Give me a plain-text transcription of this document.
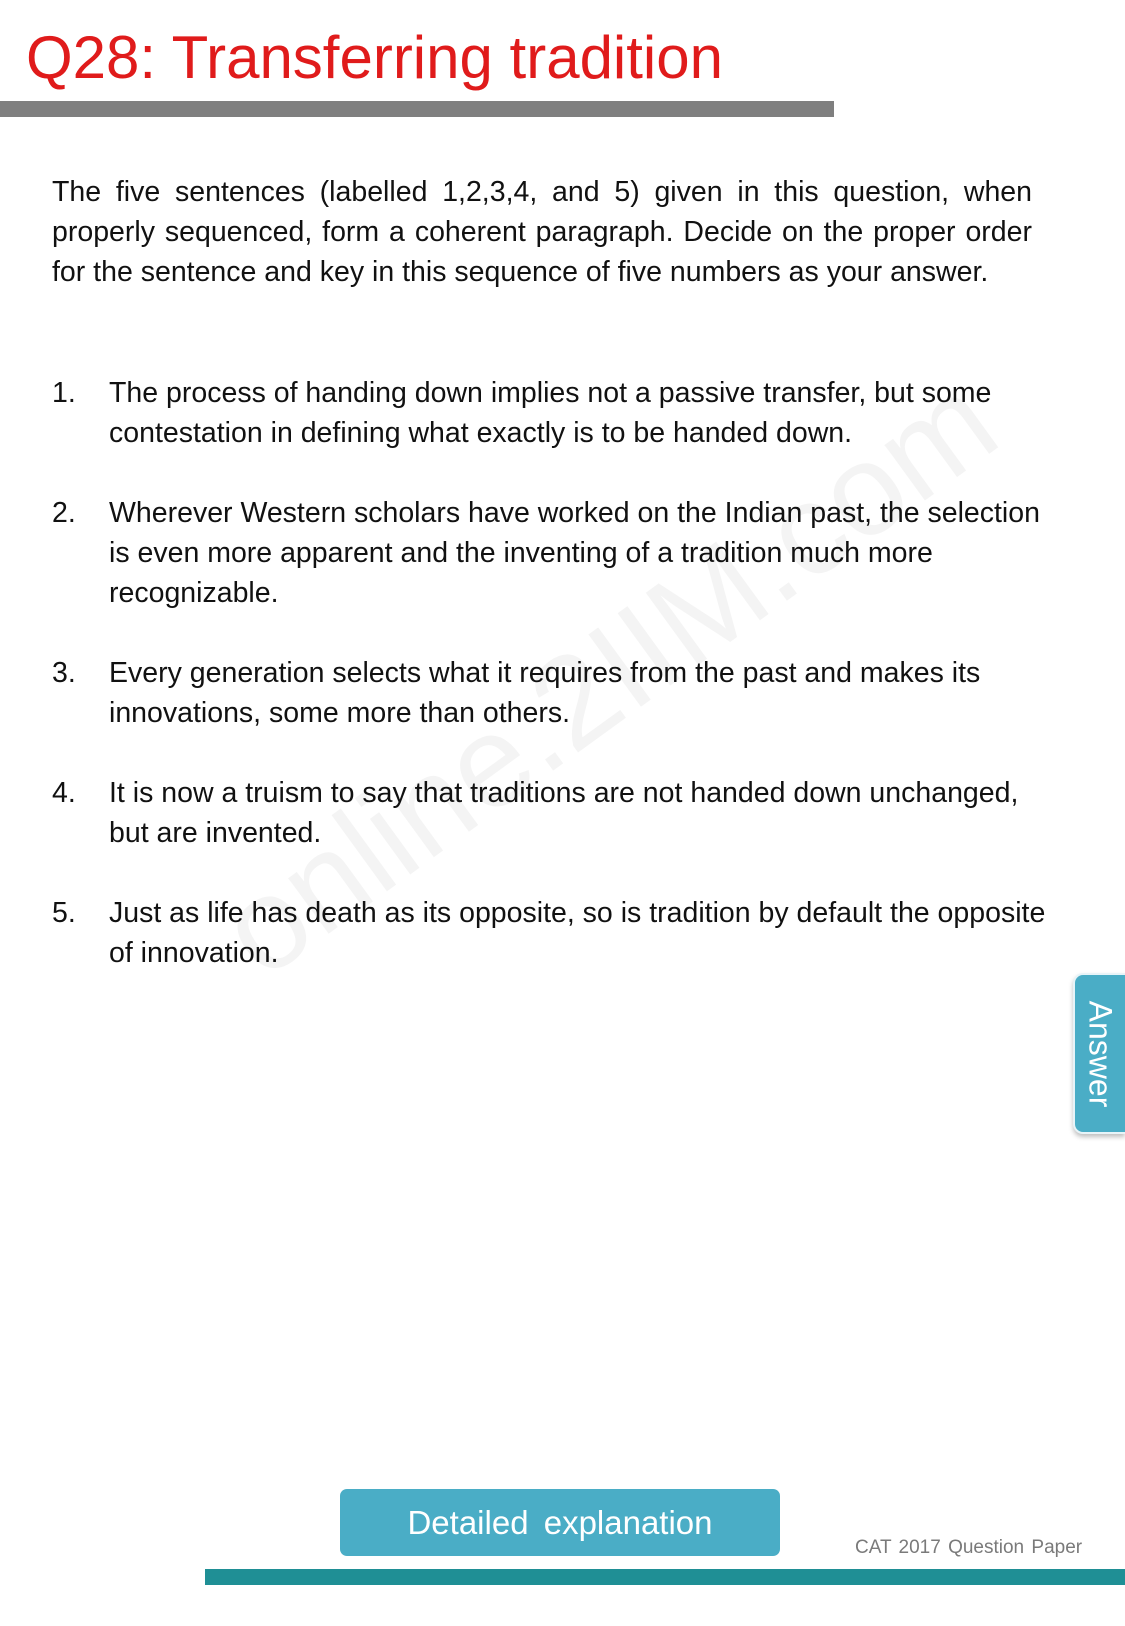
Q28: Transferring tradition

The five sentences (labelled 1,2,3,4, and 5) given in this question, when properly sequenced, form a coherent paragraph. Decide on the proper order for the sentence and key in this sequence of five numbers as your answer.

1. The process of handing down implies not a passive transfer, but some contestation in defining what exactly is to be handed down.
2. Wherever Western scholars have worked on the Indian past, the selection is even more apparent and the inventing of a tradition much more recognizable.
3. Every generation selects what it requires from the past and makes its innovations, some more than others.
4. It is now a truism to say that traditions are not handed down unchanged, but are invented.
5. Just as life has death as its opposite, so is tradition by default the opposite of innovation.
Answer
Detailed explanation
CAT 2017 Question Paper
